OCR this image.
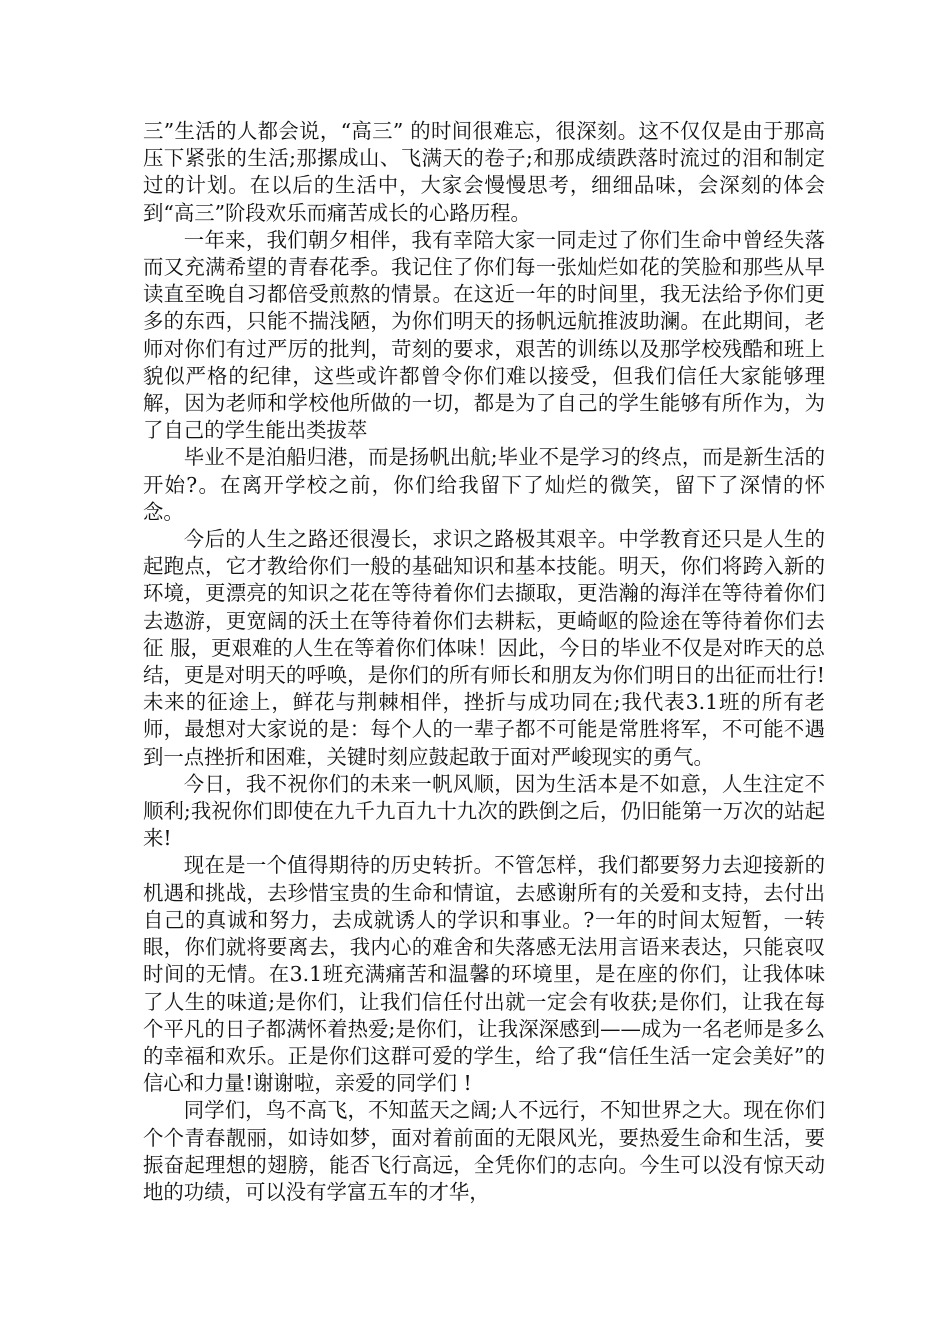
三”生活的人都会说，“高三” 的时间很难忘，很深刻。这不仅仅是由于那高压下紧张的生活;那摞成山、飞满天的卷子;和那成绩跌落时流过的泪和制定过的计划。在以后的生活中，大家会慢慢思考，细细品味，会深刻的体会到“高三”阶段欢乐而痛苦成长的心路历程。

一年来，我们朝夕相伴，我有幸陪大家一同走过了你们生命中曾经失落而又充满希望的青春花季。我记住了你们每一张灿烂如花的笑脸和那些从早读直至晚自习都倍受煎熬的情景。在这近一年的时间里，我无法给予你们更多的东西，只能不揣浅陋，为你们明天的扬帆远航推波助澜。在此期间，老师对你们有过严厉的批判，苛刻的要求，艰苦的训练以及那学校残酷和班上貌似严格的纪律，这些或许都曾令你们难以接受，但我们信任大家能够理解，因为老师和学校他所做的一切，都是为了自己的学生能够有所作为，为了自己的学生能出类拔萃

毕业不是泊船归港，而是扬帆出航;毕业不是学习的终点，而是新生活的开始?。在离开学校之前，你们给我留下了灿烂的微笑，留下了深情的怀念。

今后的人生之路还很漫长，求识之路极其艰辛。中学教育还只是人生的起跑点，它才教给你们一般的基础知识和基本技能。明天，你们将跨入新的环境，更漂亮的知识之花在等待着你们去撷取，更浩瀚的海洋在等待着你们去遨游，更宽阔的沃土在等待着你们去耕耘，更崎岖的险途在等待着你们去征 服，更艰难的人生在等着你们体味！因此，今日的毕业不仅是对昨天的总结，更是对明天的呼唤，是你们的所有师长和朋友为你们明日的出征而壮行!未来的征途上，鲜花与荆棘相伴，挫折与成功同在;我代表3.1班的所有老师，最想对大家说的是：每个人的一辈子都不可能是常胜将军，不可能不遇到一点挫折和困难，关键时刻应鼓起敢于面对严峻现实的勇气。

今日，我不祝你们的未来一帆风顺，因为生活本是不如意，人生注定不顺利;我祝你们即使在九千九百九十九次的跌倒之后，仍旧能第一万次的站起来!

现在是一个值得期待的历史转折。不管怎样，我们都要努力去迎接新的机遇和挑战，去珍惜宝贵的生命和情谊，去感谢所有的关爱和支持，去付出自己的真诚和努力，去成就诱人的学识和事业。?一年的时间太短暂，一转眼，你们就将要离去，我内心的难舍和失落感无法用言语来表达，只能哀叹时间的无情。在3.1班充满痛苦和温馨的环境里，是在座的你们，让我体味了人生的味道;是你们，让我们信任付出就一定会有收获;是你们，让我在每个平凡的日子都满怀着热爱;是你们，让我深深感到——成为一名老师是多么的幸福和欢乐。正是你们这群可爱的学生，给了我“信任生活一定会美好”的信心和力量!谢谢啦，亲爱的同学们 !

同学们，鸟不高飞，不知蓝天之阔;人不远行，不知世界之大。现在你们个个青春靓丽，如诗如梦，面对着前面的无限风光，要热爱生命和生活，要振奋起理想的翅膀，能否飞行高远，全凭你们的志向。今生可以没有惊天动地的功绩，可以没有学富五车的才华，
